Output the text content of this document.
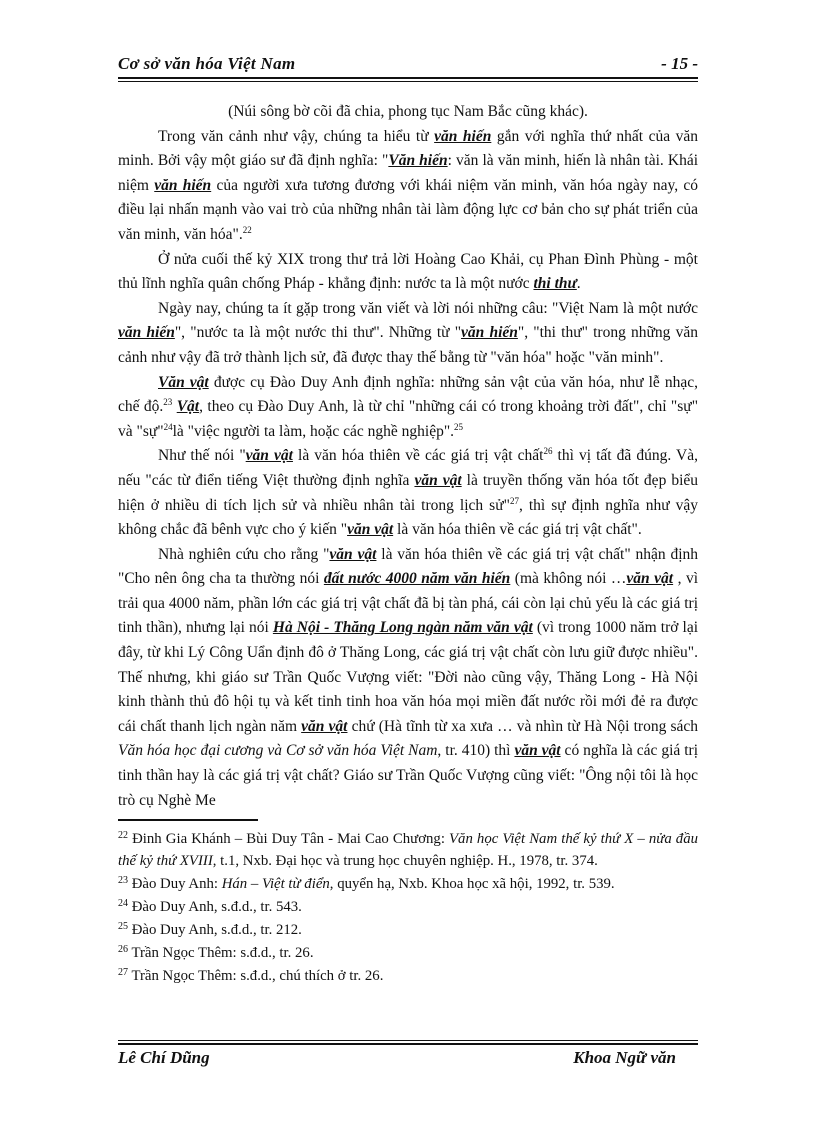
Cơ sở văn hóa Việt Nam	- 15 -

(Núi sông bờ cõi đã chia, phong tục Nam Bắc cũng khác).

Trong văn cảnh như vậy, chúng ta hiểu từ văn hiến gắn với nghĩa thứ nhất của văn minh. Bởi vậy một giáo sư đã định nghĩa: "Văn hiến: văn là văn minh, hiến là nhân tài. Khái niệm văn hiến của người xưa tương đương với khái niệm văn minh, văn hóa ngày nay, có điều lại nhấn mạnh vào vai trò của những nhân tài làm động lực cơ bản cho sự phát triển của văn minh, văn hóa".$^{22}$

Ở nửa cuối thế kỷ XIX trong thư trả lời Hoàng Cao Khải, cụ Phan Đình Phùng - một thủ lĩnh nghĩa quân chống Pháp - khẳng định: nước ta là một nước thi thư.

Ngày nay, chúng ta ít gặp trong văn viết và lời nói những câu: "Việt Nam là một nước văn hiến", "nước ta là một nước thi thư". Những từ "văn hiến", "thi thư" trong những văn cảnh như vậy đã trở thành lịch sử, đã được thay thế bằng từ "văn hóa" hoặc "văn minh".

Văn vật được cụ Đào Duy Anh định nghĩa: những sản vật của văn hóa, như lễ nhạc, chế độ.$^{23}$ Vật, theo cụ Đào Duy Anh, là từ chỉ "những cái có trong khoảng trời đất", chỉ "sự" và "sự"$^{24}$là "việc người ta làm, hoặc các nghề nghiệp".$^{25}$

Như thế nói "văn vật là văn hóa thiên về các giá trị vật chất$^{26}$ thì vị tất đã đúng. Và, nếu "các từ điển tiếng Việt thường định nghĩa văn vật là truyền thống văn hóa tốt đẹp biểu hiện ở nhiều di tích lịch sử và nhiều nhân tài trong lịch sử"$^{27}$, thì sự định nghĩa như vậy không chắc đã bênh vực cho ý kiến "văn vật là văn hóa thiên về các giá trị vật chất".

Nhà nghiên cứu cho rằng "văn vật là văn hóa thiên về các giá trị vật chất" nhận định "Cho nên ông cha ta thường nói đất nước 4000 năm văn hiến (mà không nói …văn vật , vì trải qua 4000 năm, phần lớn các giá trị vật chất đã bị tàn phá, cái còn lại chủ yếu là các giá trị tinh thần), nhưng lại nói Hà Nội - Thăng Long ngàn năm văn vật (vì trong 1000 năm trở lại đây, từ khi Lý Công Uẩn định đô ở Thăng Long, các giá trị vật chất còn lưu giữ được nhiều". Thế nhưng, khi giáo sư Trần Quốc Vượng viết: "Đời nào cũng vậy, Thăng Long - Hà Nội kinh thành thủ đô hội tụ và kết tinh tinh hoa văn hóa mọi miền đất nước rồi mới đẻ ra được cái chất thanh lịch ngàn năm văn vật chứ (Hà tĩnh từ xa xưa … và nhìn từ Hà Nội trong sách Văn hóa học đại cương và Cơ sở văn hóa Việt Nam, tr. 410) thì văn vật có nghĩa là các giá trị tinh thần hay là các giá trị vật chất? Giáo sư Trần Quốc Vượng cũng viết: "Ông nội tôi là học trò cụ Nghè Me

$^{22}$ Đinh Gia Khánh – Bùi Duy Tân - Mai Cao Chương: Văn học Việt Nam thế kỷ thứ X – nửa đầu thế kỷ thứ XVIII, t.1, Nxb. Đại học và trung học chuyên nghiệp. H., 1978, tr. 374.
$^{23}$ Đào Duy Anh: Hán – Việt từ điển, quyển hạ, Nxb. Khoa học xã hội, 1992, tr. 539.
$^{24}$ Đào Duy Anh, s.đ.d., tr. 543.
$^{25}$ Đào Duy Anh, s.đ.d., tr. 212.
$^{26}$ Trần Ngọc Thêm: s.đ.d., tr. 26.
$^{27}$ Trần Ngọc Thêm: s.đ.d., chú thích ở tr. 26.
Lê Chí Dũng	Khoa Ngữ văn
